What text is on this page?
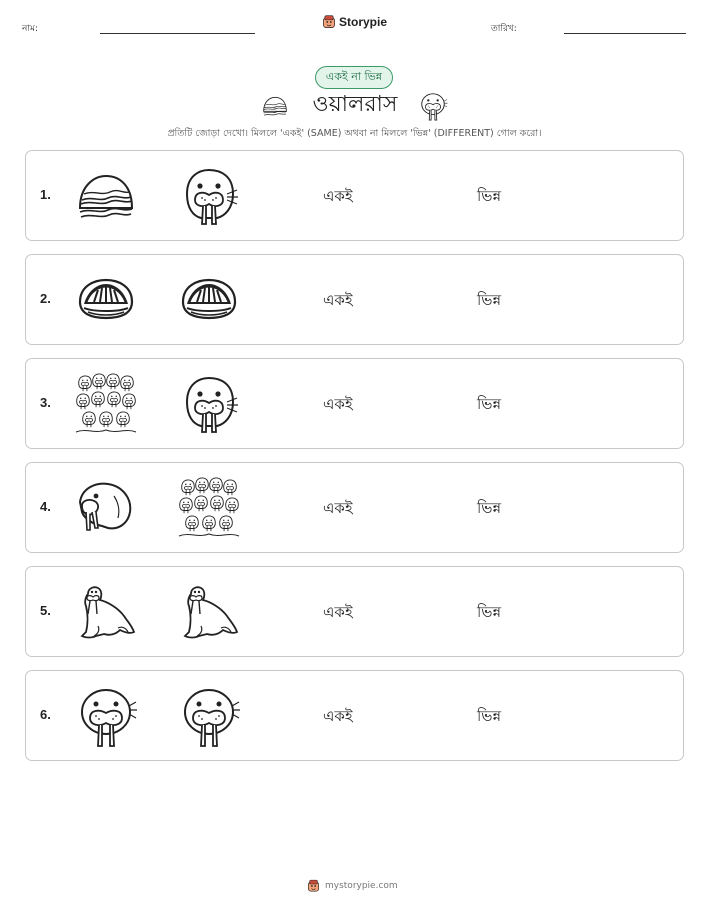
নাম:	Storypie	তারিখ:
একই না ভিন্ন
ওয়ালরাস
প্রতিটি জোড়া দেখো। মিললে 'একই' (SAME) অথবা না মিললে 'ভিন্ন' (DIFFERENT) গোল করো।
1.	একই	ভিন্ন
2.	একই	ভিন্ন
3.	একই	ভিন্ন
4.	একই	ভিন্ন
5.	একই	ভিন্ন
6.	একই	ভিন্ন
mystorypie.com
